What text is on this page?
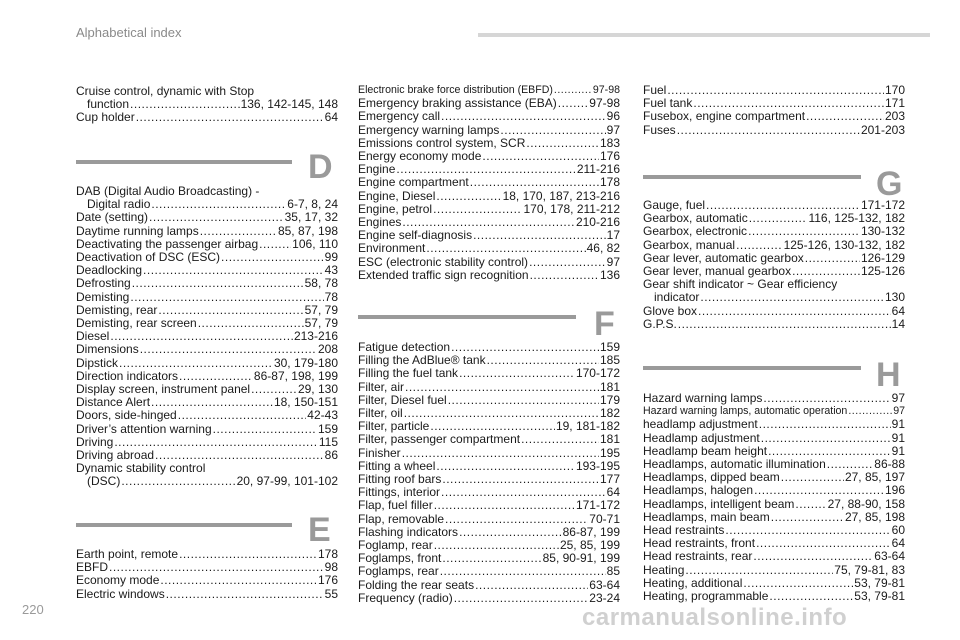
Alphabetical index
Cruise control, dynamic with Stop
function .....	136, 142-145, 148
Cup holder .....	64
D
DAB (Digital Audio Broadcasting) -
Digital radio .....	6-7, 8, 24
Date (setting) .....	35, 17, 32
Daytime running lamps .....	85, 87, 198
Deactivating the passenger airbag .....	106, 110
Deactivation of DSC (ESC) .....	99
Deadlocking .....	43
Defrosting .....	58, 78
Demisting .....	78
Demisting, rear .....	57, 79
Demisting, rear screen .....	57, 79
Diesel .....	213-216
Dimensions .....	208
Dipstick .....	30, 179-180
Direction indicators .....	86-87, 198, 199
Display screen, instrument panel .....	29, 130
Distance Alert .....	18, 150-151
Doors, side-hinged .....	42-43
Driver’s attention warning .....	159
Driving .....	115
Driving abroad .....	86
Dynamic stability control
(DSC) .....	20, 97-99, 101-102
E
Earth point, remote .....	178
EBFD .....	98
Economy mode .....	176
Electric windows .....	55
Electronic brake force distribution (EBFD) .....	97-98
Emergency braking assistance (EBA) .....	97-98
Emergency call .....	96
Emergency warning lamps .....	97
Emissions control system, SCR .....	183
Energy economy mode .....	176
Engine .....	211-216
Engine compartment .....	178
Engine, Diesel .....	18, 170, 187, 213-216
Engine, petrol .....	170, 178, 211-212
Engines .....	210-216
Engine self-diagnosis .....	17
Environment .....	46, 82
ESC (electronic stability control) .....	97
Extended traffic sign recognition .....	136
F
Fatigue detection .....	159
Filling the AdBlue® tank .....	185
Filling the fuel tank .....	170-172
Filter, air .....	181
Filter, Diesel fuel .....	179
Filter, oil .....	182
Filter, particle .....	19, 181-182
Filter, passenger compartment .....	181
Finisher .....	195
Fitting a wheel .....	193-195
Fitting roof bars .....	177
Fittings, interior .....	64
Flap, fuel filler .....	171-172
Flap, removable .....	70-71
Flashing indicators .....	86-87, 199
Foglamp, rear .....	25, 85, 199
Foglamps, front .....	85, 90-91, 199
Foglamps, rear .....	85
Folding the rear seats .....	63-64
Frequency (radio) .....	23-24
Fuel .....	170
Fuel tank .....	171
Fusebox, engine compartment .....	203
Fuses .....	201-203
G
Gauge, fuel .....	171-172
Gearbox, automatic .....	116, 125-132, 182
Gearbox, electronic .....	130-132
Gearbox, manual .....	125-126, 130-132, 182
Gear lever, automatic gearbox .....	126-129
Gear lever, manual gearbox .....	125-126
Gear shift indicator ~ Gear efficiency
indicator .....	130
Glove box .....	64
G.P.S. .....	14
H
Hazard warning lamps .....	97
Hazard warning lamps, automatic operation .....	97
headlamp adjustment .....	91
Headlamp adjustment .....	91
Headlamp beam height .....	91
Headlamps, automatic illumination .....	86-88
Headlamps, dipped beam .....	27, 85, 197
Headlamps, halogen .....	196
Headlamps, intelligent beam .....	27, 88-90, 158
Headlamps, main beam .....	27, 85, 198
Head restraints .....	60
Head restraints, front .....	64
Head restraints, rear .....	63-64
Heating .....	75, 79-81, 83
Heating, additional .....	53, 79-81
Heating, programmable .....	53, 79-81
220	carmanualsonline.info
